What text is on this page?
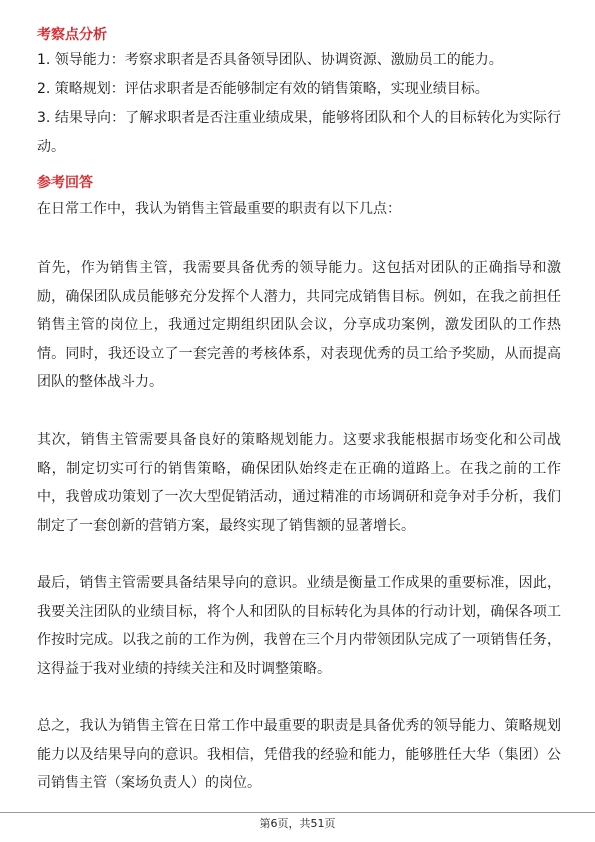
考察点分析
1. 领导能力：考察求职者是否具备领导团队、协调资源、激励员工的能力。
2. 策略规划：评估求职者是否能够制定有效的销售策略，实现业绩目标。
3. 结果导向：了解求职者是否注重业绩成果，能够将团队和个人的目标转化为实际行动。
参考回答
在日常工作中，我认为销售主管最重要的职责有以下几点：
首先，作为销售主管，我需要具备优秀的领导能力。这包括对团队的正确指导和激励，确保团队成员能够充分发挥个人潜力，共同完成销售目标。例如，在我之前担任销售主管的岗位上，我通过定期组织团队会议，分享成功案例，激发团队的工作热情。同时，我还设立了一套完善的考核体系，对表现优秀的员工给予奖励，从而提高团队的整体战斗力。
其次，销售主管需要具备良好的策略规划能力。这要求我能根据市场变化和公司战略，制定切实可行的销售策略，确保团队始终走在正确的道路上。在我之前的工作中，我曾成功策划了一次大型促销活动，通过精准的市场调研和竞争对手分析，我们制定了一套创新的营销方案，最终实现了销售额的显著增长。
最后，销售主管需要具备结果导向的意识。业绩是衡量工作成果的重要标准，因此，我要关注团队的业绩目标，将个人和团队的目标转化为具体的行动计划，确保各项工作按时完成。以我之前的工作为例，我曾在三个月内带领团队完成了一项销售任务，这得益于我对业绩的持续关注和及时调整策略。
总之，我认为销售主管在日常工作中最重要的职责是具备优秀的领导能力、策略规划能力以及结果导向的意识。我相信，凭借我的经验和能力，能够胜任大华（集团）公司销售主管（案场负责人）的岗位。
第6页，共51页
